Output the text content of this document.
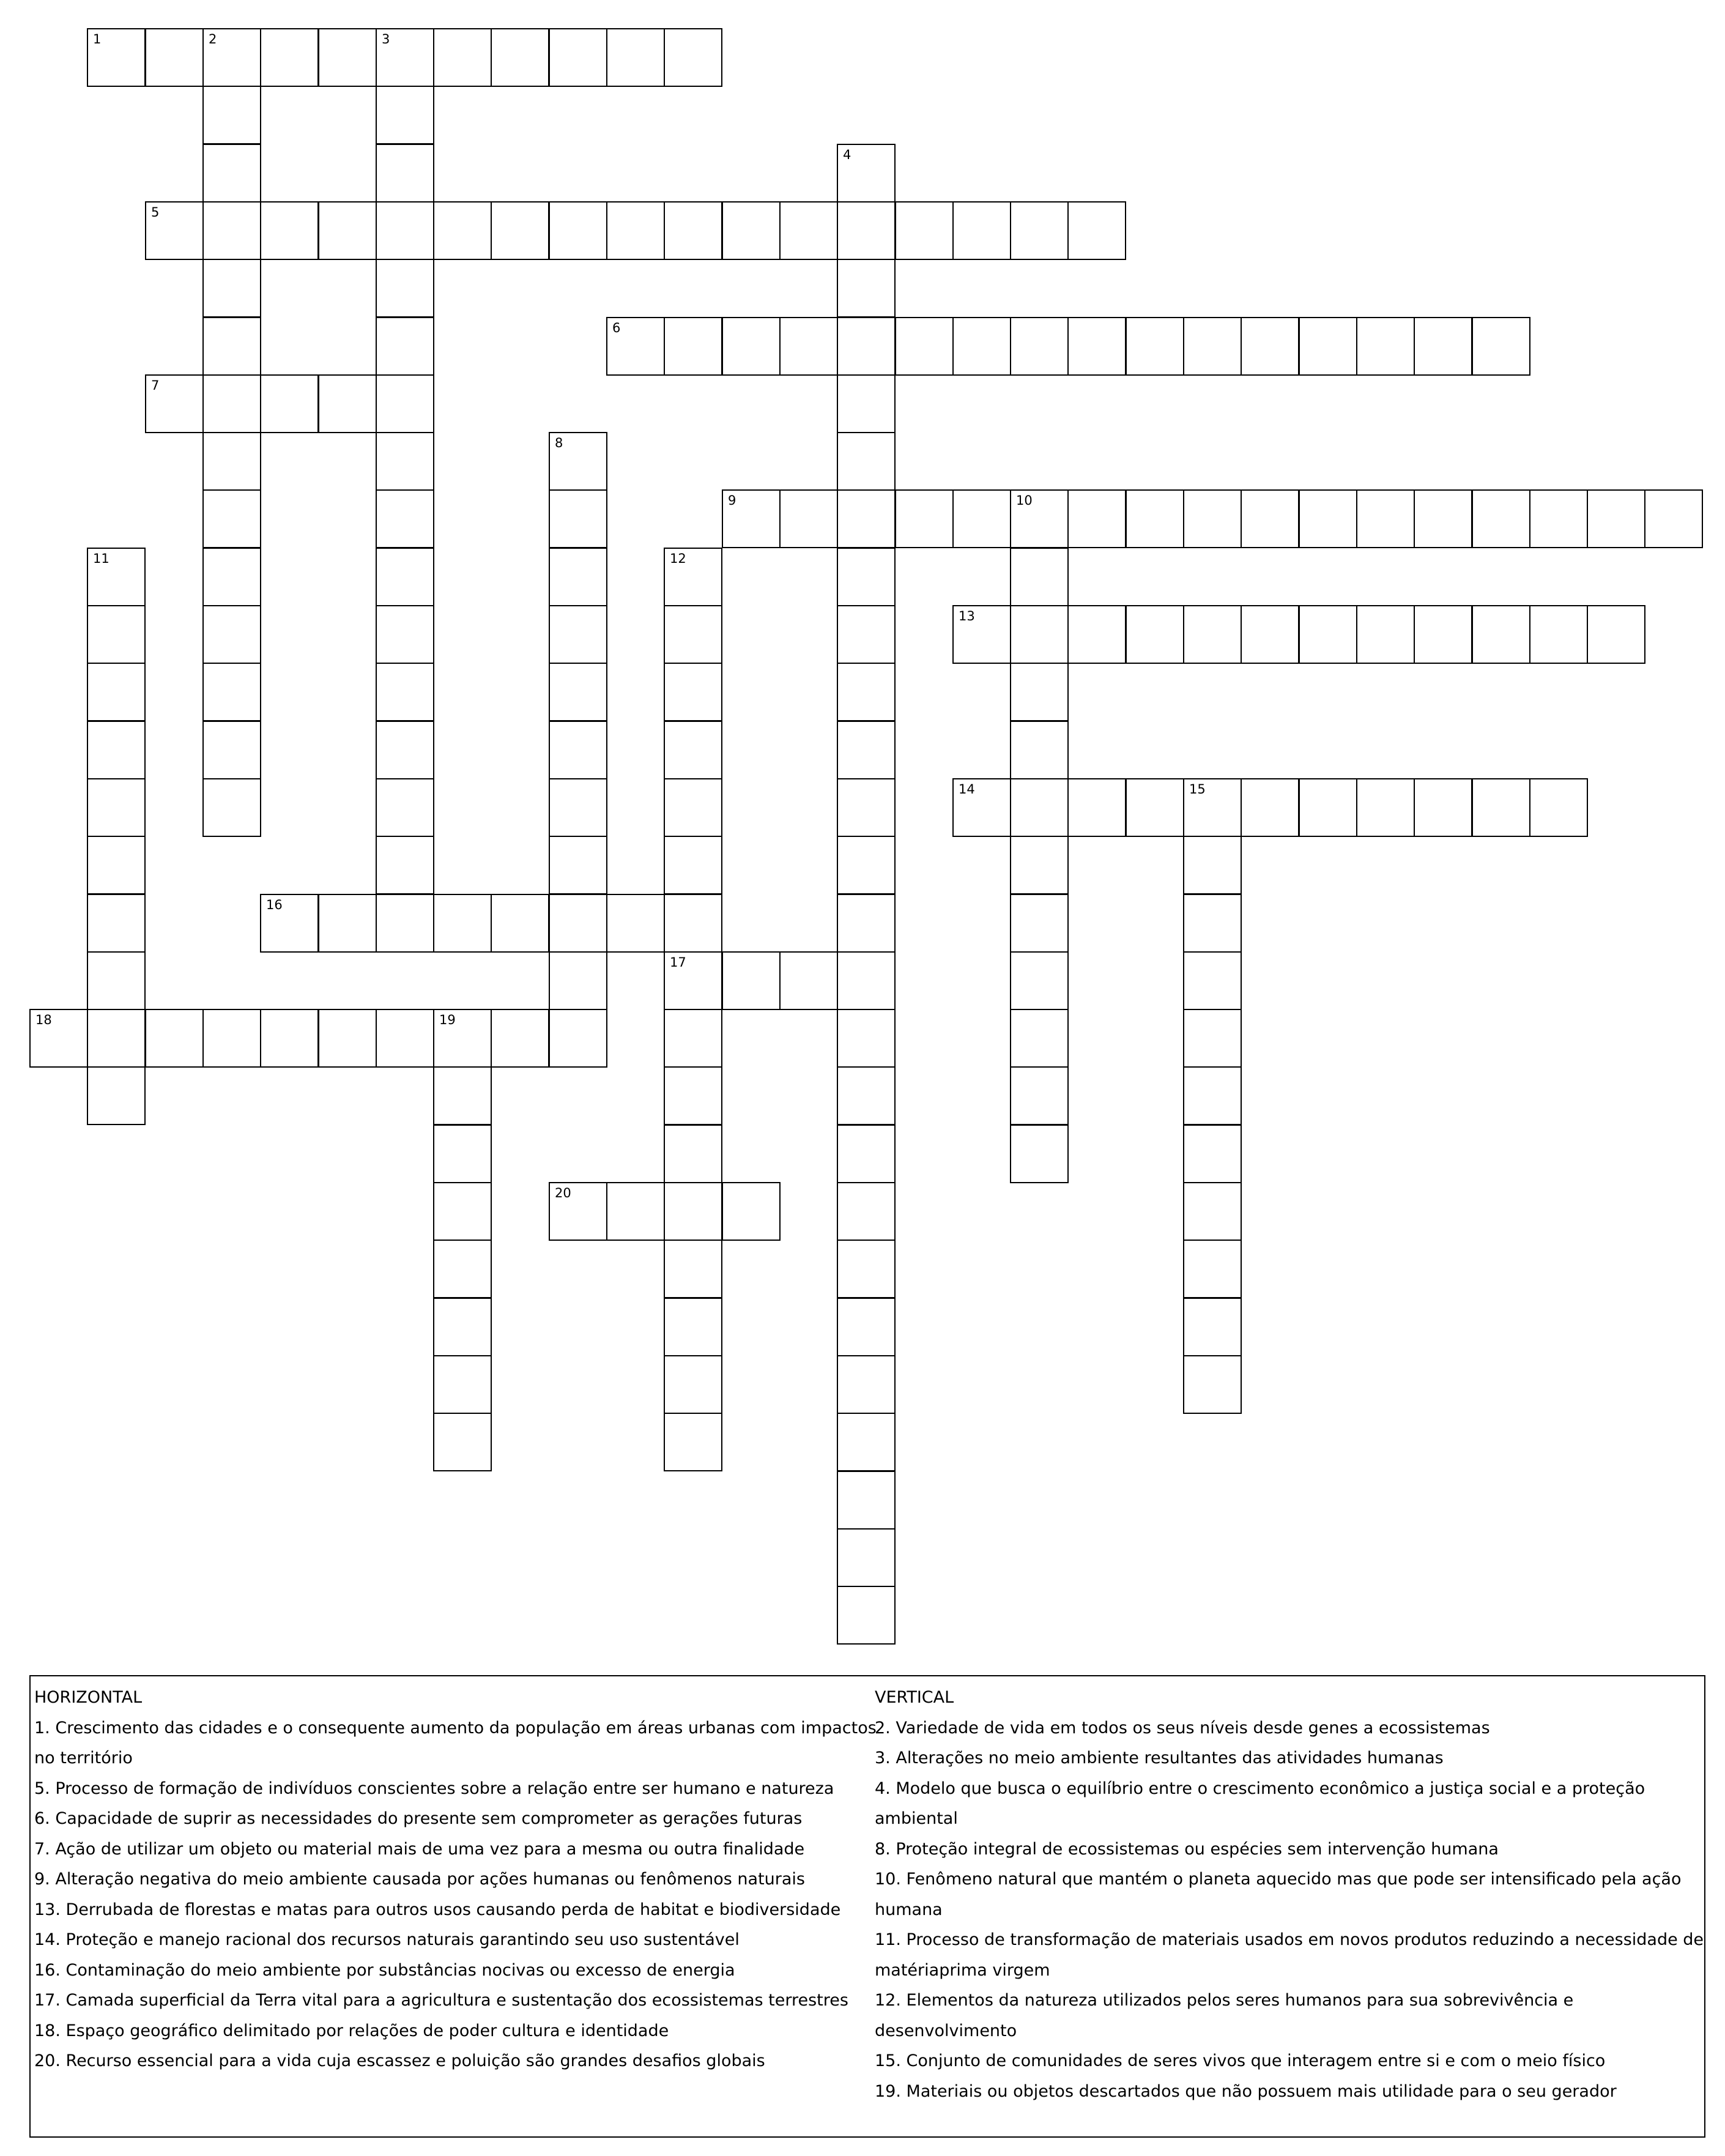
1	2	3
5
6
7
9	10
13
14	15
16
17
18	19
20
4
8
11	12
HORIZONTAL
1. Crescimento das cidades e o consequente aumento da população em áreas urbanas com impactos
no território
5. Processo de formação de indivíduos conscientes sobre a relação entre ser humano e natureza
6. Capacidade de suprir as necessidades do presente sem comprometer as gerações futuras
7. Ação de utilizar um objeto ou material mais de uma vez para a mesma ou outra finalidade
9. Alteração negativa do meio ambiente causada por ações humanas ou fenômenos naturais
13. Derrubada de florestas e matas para outros usos causando perda de habitat e biodiversidade
14. Proteção e manejo racional dos recursos naturais garantindo seu uso sustentável
16. Contaminação do meio ambiente por substâncias nocivas ou excesso de energia
17. Camada superficial da Terra vital para a agricultura e sustentação dos ecossistemas terrestres
18. Espaço geográfico delimitado por relações de poder cultura e identidade
20. Recurso essencial para a vida cuja escassez e poluição são grandes desafios globais
VERTICAL
2. Variedade de vida em todos os seus níveis desde genes a ecossistemas
3. Alterações no meio ambiente resultantes das atividades humanas
4. Modelo que busca o equilíbrio entre o crescimento econômico a justiça social e a proteção
ambiental
8. Proteção integral de ecossistemas ou espécies sem intervenção humana
10. Fenômeno natural que mantém o planeta aquecido mas que pode ser intensificado pela ação
humana
11. Processo de transformação de materiais usados em novos produtos reduzindo a necessidade de
matériaprima virgem
12. Elementos da natureza utilizados pelos seres humanos para sua sobrevivência e
desenvolvimento
15. Conjunto de comunidades de seres vivos que interagem entre si e com o meio físico
19. Materiais ou objetos descartados que não possuem mais utilidade para o seu gerador
